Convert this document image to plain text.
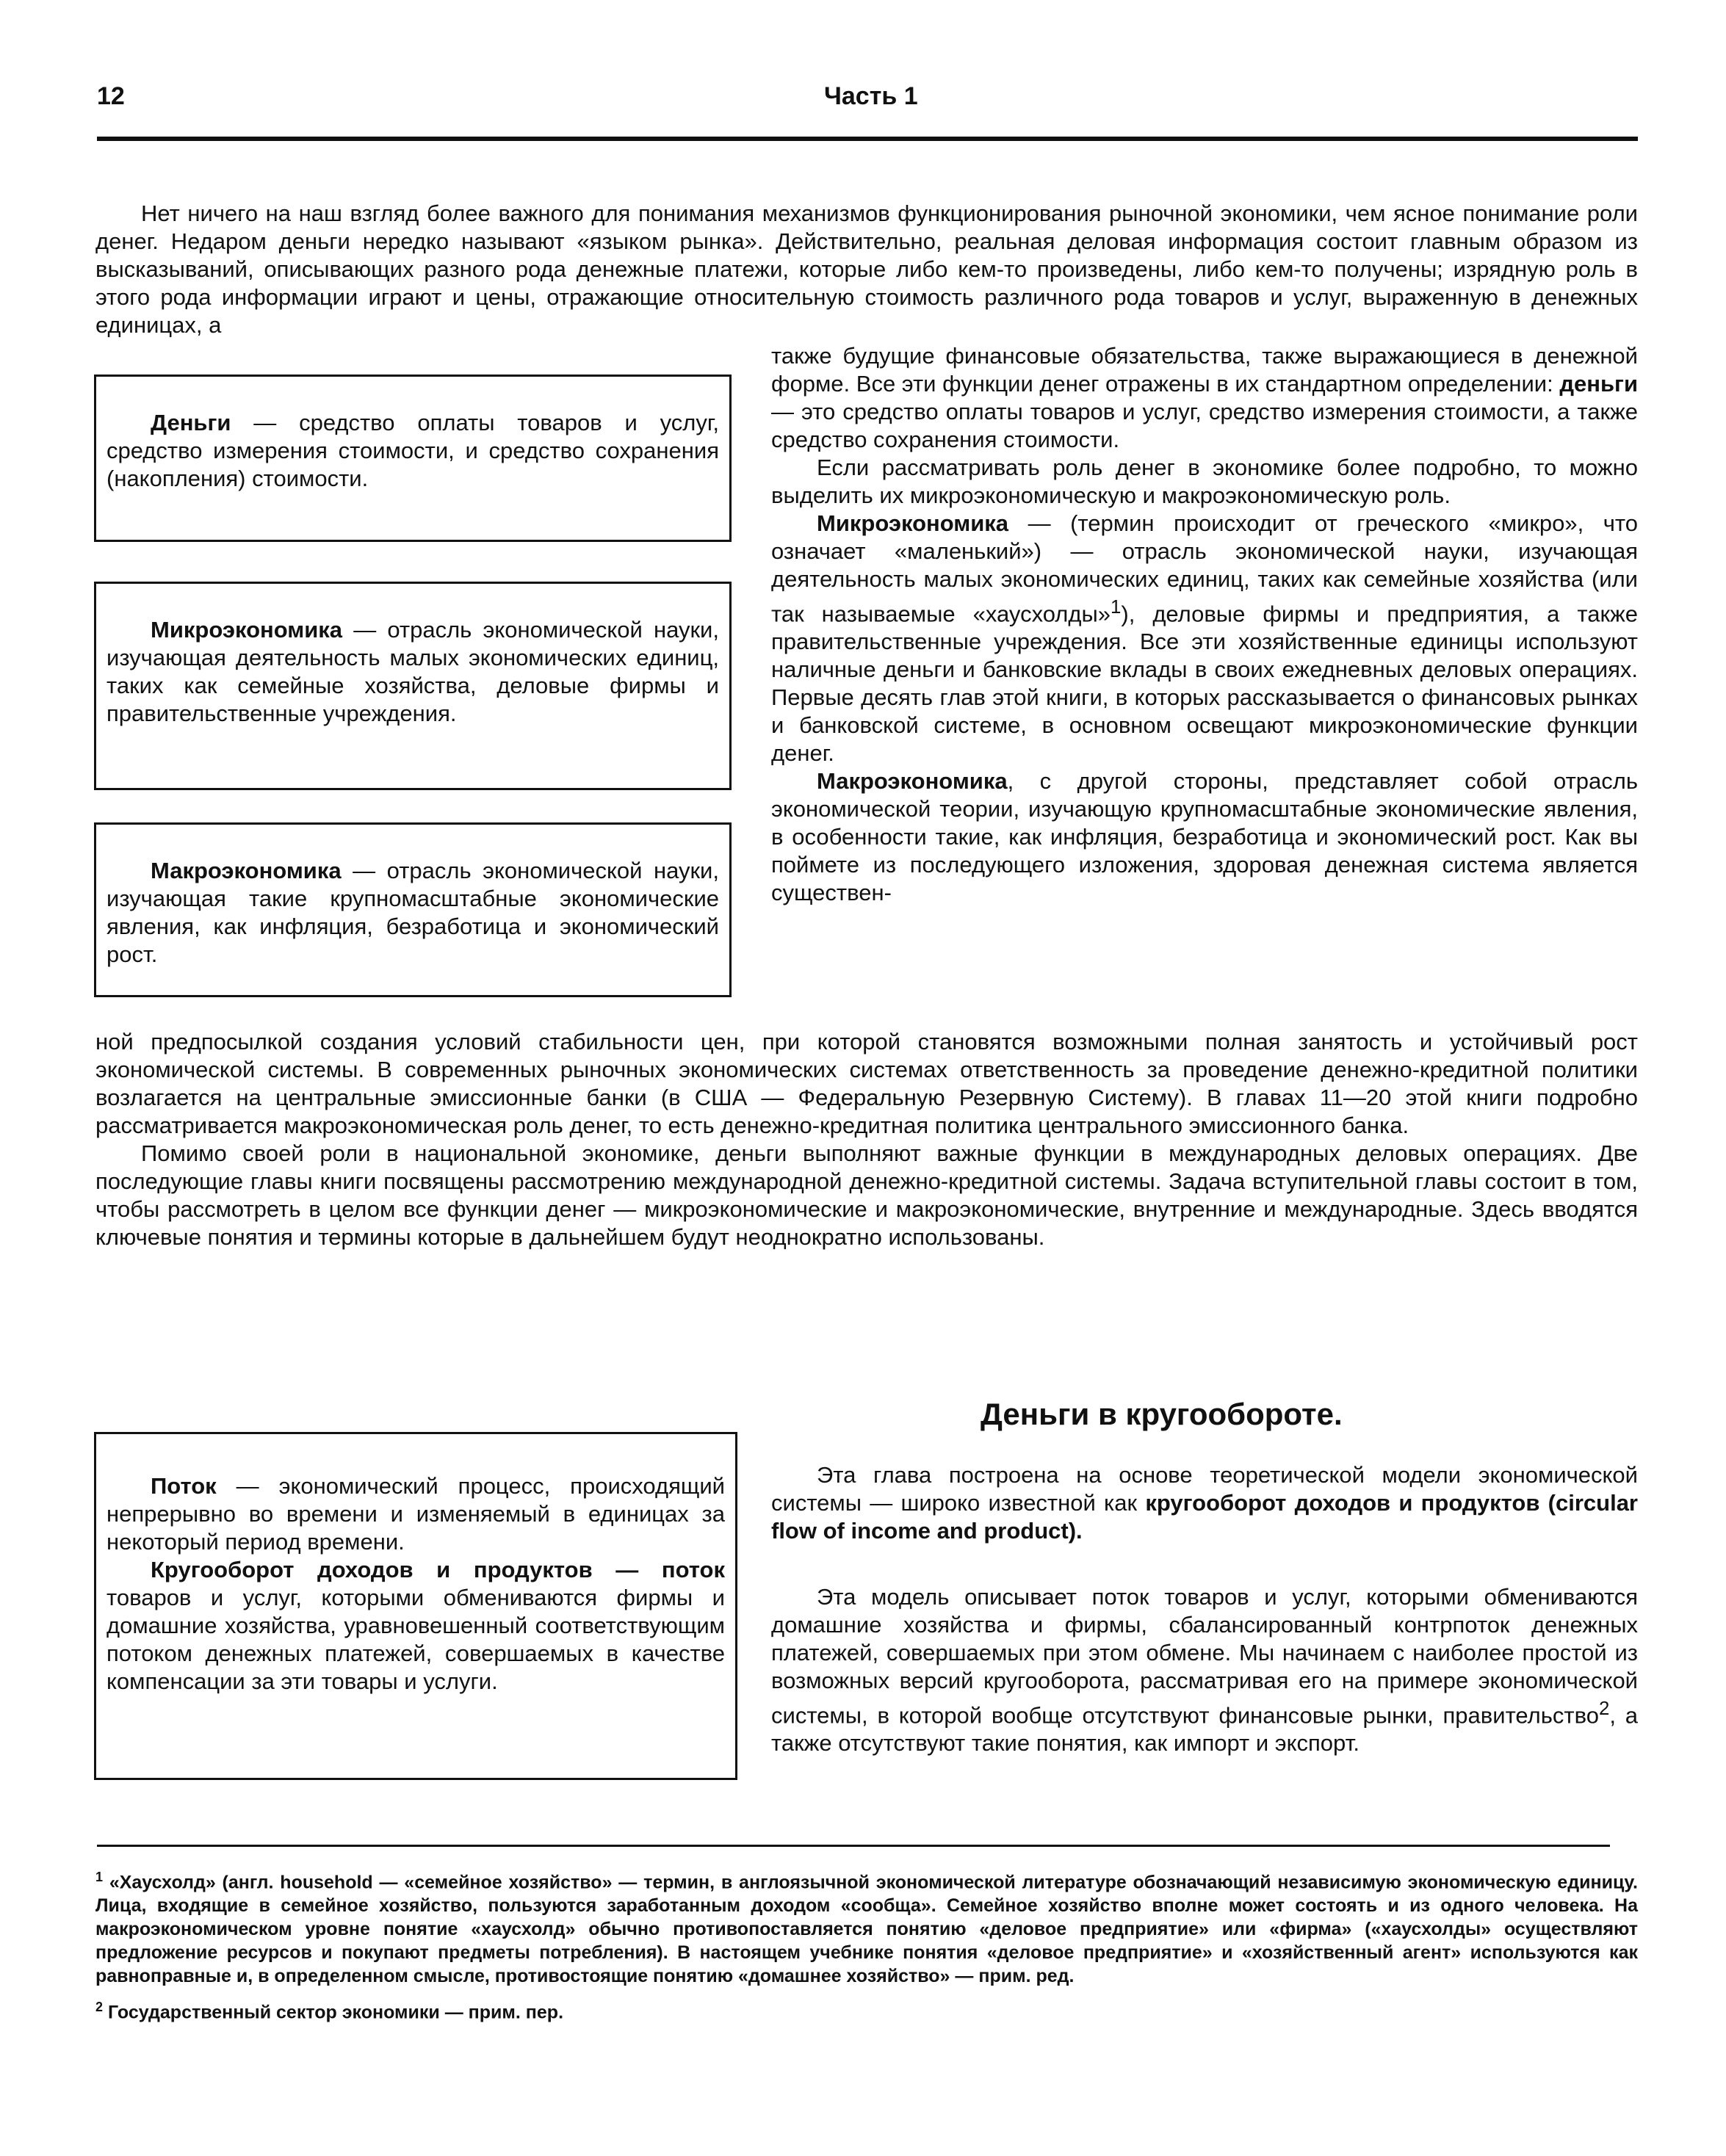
12	Часть 1

Нет ничего на наш взгляд более важного для понимания механизмов функционирования рыночной экономики, чем ясное понимание роли денег. Недаром деньги нередко называют «языком рынка». Действительно, реальная деловая информация состоит главным образом из высказываний, описывающих разного рода денежные платежи, которые либо кем-то произведены, либо кем-то получены; изрядную роль в этого рода информации играют и цены, отражающие относительную стоимость различного рода товаров и услуг, выраженную в денежных единицах, а

Деньги — средство оплаты товаров и услуг, средство измерения стоимости, и средство сохранения (накопления) стоимости.

Микроэкономика — отрасль экономической науки, изучающая деятельность малых экономических единиц, таких как семейные хозяйства, деловые фирмы и правительственные учреждения.

Макроэкономика — отрасль экономической науки, изучающая такие крупномасштабные экономические явления, как инфляция, безработица и экономический рост.

также будущие финансовые обязательства, также выражающиеся в денежной форме. Все эти функции денег отражены в их стандартном определении: деньги — это средство оплаты товаров и услуг, средство измерения стоимости, а также средство сохранения стоимости.

Если рассматривать роль денег в экономике более подробно, то можно выделить их микроэкономическую и макроэкономическую роль.

Микроэкономика — (термин происходит от греческого «микро», что означает «маленький») — отрасль экономической науки, изучающая деятельность малых экономических единиц, таких как семейные хозяйства (или так называемые «хаусхолды»$^1$), деловые фирмы и предприятия, а также правительственные учреждения. Все эти хозяйственные единицы используют наличные деньги и банковские вклады в своих ежедневных деловых операциях. Первые десять глав этой книги, в которых рассказывается о финансовых рынках и банковской системе, в основном освещают микроэкономические функции денег.

Макроэкономика, с другой стороны, представляет собой отрасль экономической теории, изучающую крупномасштабные экономические явления, в особенности такие, как инфляция, безработица и экономический рост. Как вы поймете из последующего изложения, здоровая денежная система является существен-

ной предпосылкой создания условий стабильности цен, при которой становятся возможными полная занятость и устойчивый рост экономической системы. В современных рыночных экономических системах ответственность за проведение денежно-кредитной политики возлагается на центральные эмиссионные банки (в США — Федеральную Резервную Систему). В главах 11—20 этой книги подробно рассматривается макроэкономическая роль денег, то есть денежно-кредитная политика центрального эмиссионного банка.

Помимо своей роли в национальной экономике, деньги выполняют важные функции в международных деловых операциях. Две последующие главы книги посвящены рассмотрению международной денежно-кредитной системы. Задача вступительной главы состоит в том, чтобы рассмотреть в целом все функции денег — микроэкономические и макроэкономические, внутренние и международные. Здесь вводятся ключевые понятия и термины которые в дальнейшем будут неоднократно использованы.

Поток — экономический процесс, происходящий непрерывно во времени и изменяемый в единицах за некоторый период времени.

Кругооборот доходов и продуктов — поток товаров и услуг, которыми обмениваются фирмы и домашние хозяйства, уравновешенный соответствующим потоком денежных платежей, совершаемых в качестве компенсации за эти товары и услуги.

Деньги в кругообороте.

Эта глава построена на основе теоретической модели экономической системы — широко известной как кругооборот доходов и продуктов (circular flow of income and product).

Эта модель описывает поток товаров и услуг, которыми обмениваются домашние хозяйства и фирмы, сбалансированный контрпоток денежных платежей, совершаемых при этом обмене. Мы начинаем с наиболее простой из возможных версий кругооборота, рассматривая его на примере экономической системы, в которой вообще отсутствуют финансовые рынки, правительство$^2$, а также отсутствуют такие понятия, как импорт и экспорт.

$^1$ «Хаусхолд» (англ. household — «семейное хозяйство» — термин, в англоязычной экономической литературе обозначающий независимую экономическую единицу. Лица, входящие в семейное хозяйство, пользуются заработанным доходом «сообща». Семейное хозяйство вполне может состоять и из одного человека. На макроэкономическом уровне понятие «хаусхолд» обычно противопоставляется понятию «деловое предприятие» или «фирма» («хаусхолды» осуществляют предложение ресурсов и покупают предметы потребления). В настоящем учебнике понятия «деловое предприятие» и «хозяйственный агент» используются как равноправные и, в определенном смысле, противостоящие понятию «домашнее хозяйство» — прим. ред.

$^2$ Государственный сектор экономики — прим. пер.
